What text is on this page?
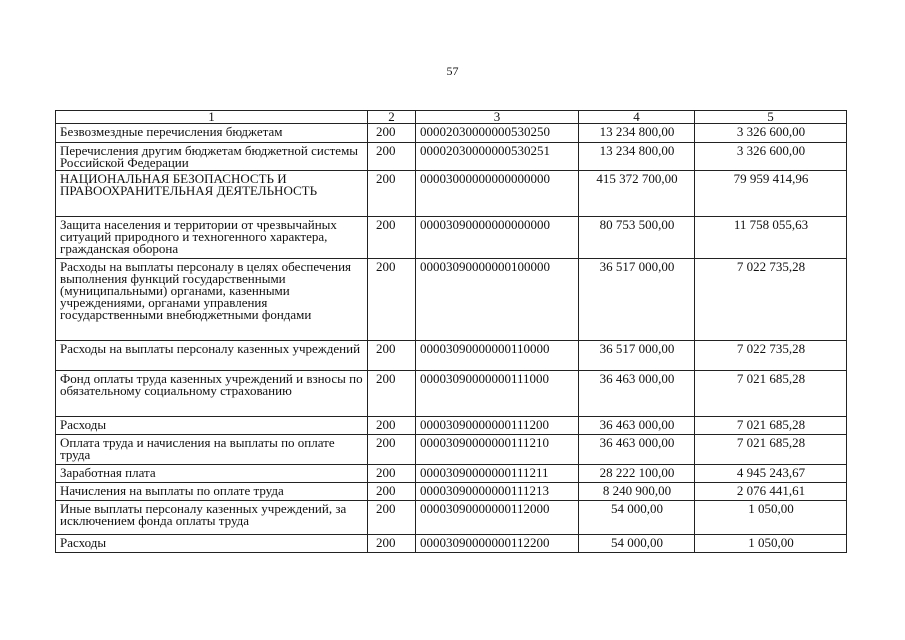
57
1	2	3	4	5
Безвозмездные перечисления бюджетам	200	00002030000000530250	13 234 800,00	3 326 600,00
Перечисления другим бюджетам бюджетной системы Российской Федерации	200	00002030000000530251	13 234 800,00	3 326 600,00
НАЦИОНАЛЬНАЯ БЕЗОПАСНОСТЬ И ПРАВООХРАНИТЕЛЬНАЯ ДЕЯТЕЛЬНОСТЬ	200	00003000000000000000	415 372 700,00	79 959 414,96
Защита населения и территории от чрезвычайных ситуаций природного и техногенного характера, гражданская оборона	200	00003090000000000000	80 753 500,00	11 758 055,63
Расходы на выплаты персоналу в целях обеспечения выполнения функций государственными (муниципальными) органами, казенными учреждениями, органами управления государственными внебюджетными фондами	200	00003090000000100000	36 517 000,00	7 022 735,28
Расходы на выплаты персоналу казенных учреждений	200	00003090000000110000	36 517 000,00	7 022 735,28
Фонд оплаты труда казенных учреждений и взносы по обязательному социальному страхованию	200	00003090000000111000	36 463 000,00	7 021 685,28
Расходы	200	00003090000000111200	36 463 000,00	7 021 685,28
Оплата труда и начисления на выплаты по оплате труда	200	00003090000000111210	36 463 000,00	7 021 685,28
Заработная плата	200	00003090000000111211	28 222 100,00	4 945 243,67
Начисления на выплаты по оплате труда	200	00003090000000111213	8 240 900,00	2 076 441,61
Иные выплаты персоналу казенных учреждений, за исключением фонда оплаты труда	200	00003090000000112000	54 000,00	1 050,00
Расходы	200	00003090000000112200	54 000,00	1 050,00
